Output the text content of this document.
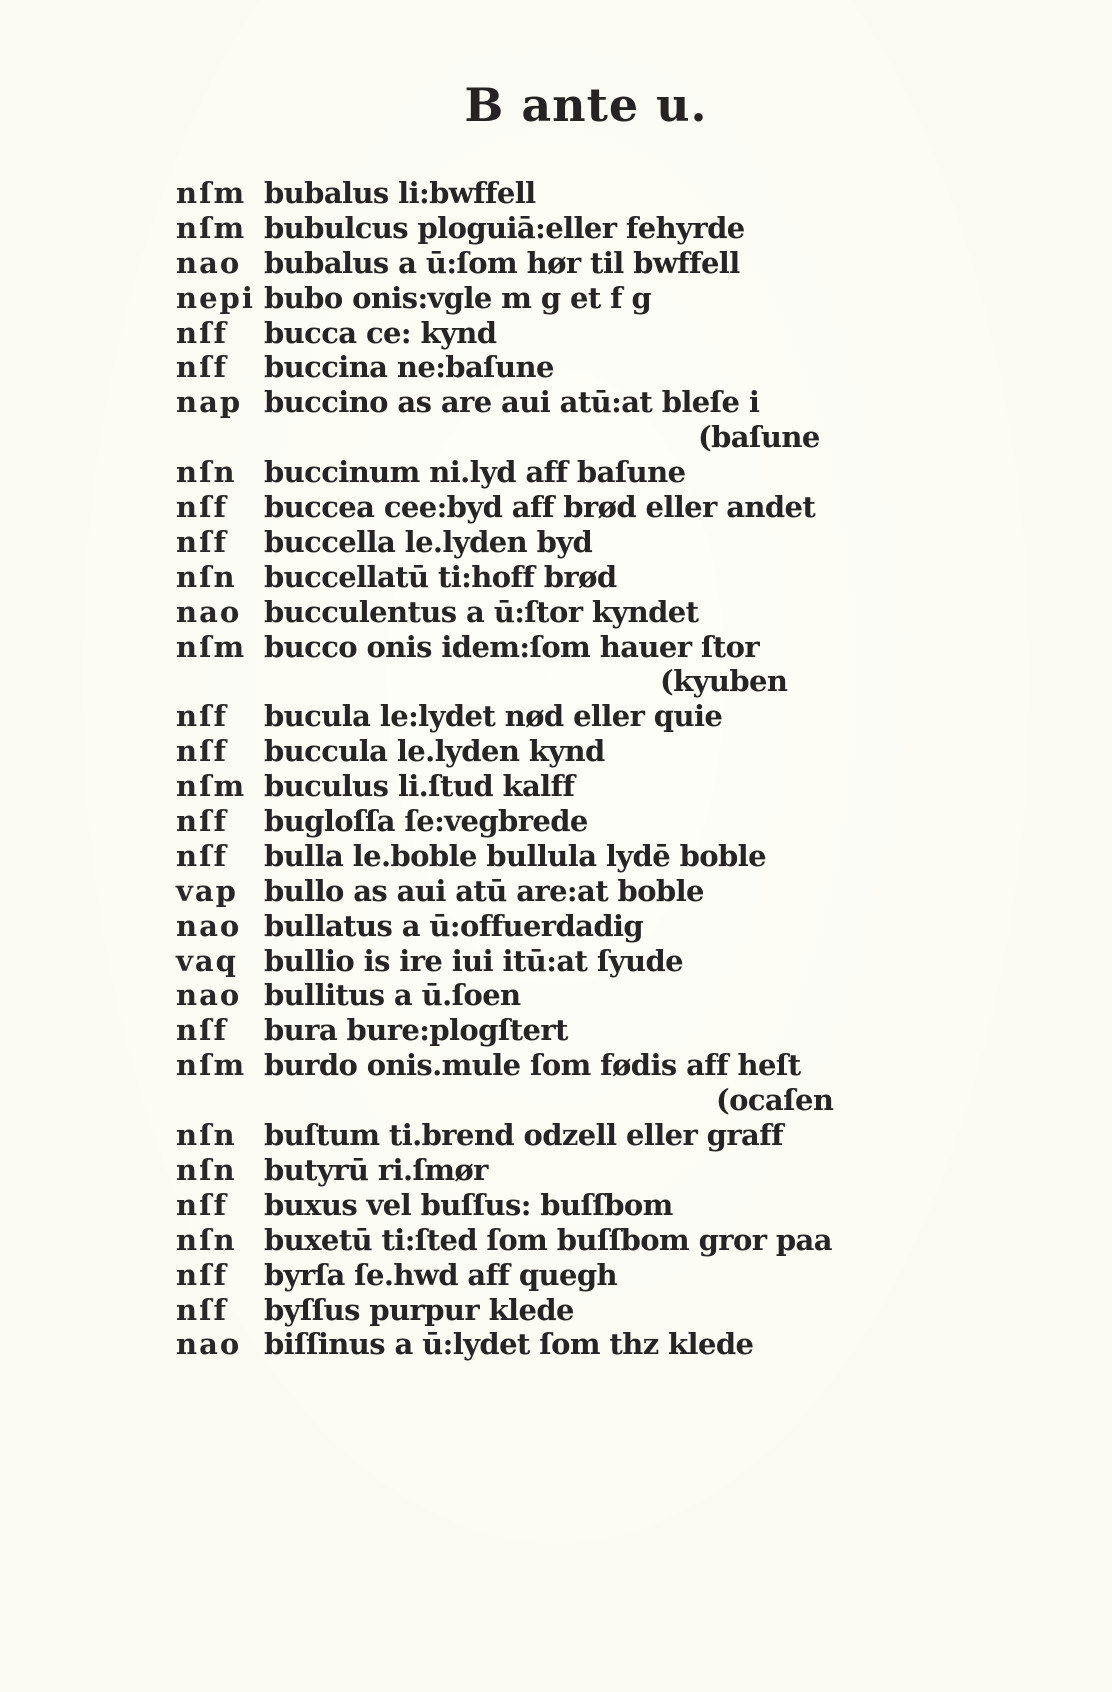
B ante u.
nſm bubalus li:bwffell
nſm bubulcus ploguiā:eller fehyrde
nao bubalus a ū:ſom hør til bwffell
nepi bubo onis:vgle m g et f g
nſf	bucca ce: kynd
nſf	buccina ne:baſune
nap buccino as are aui atū:at bleſe i
(baſune
nſn buccinum ni.lyd aff baſune
nſf	buccea cee:byd aff brød eller andet
nſf	buccella le.lyden byd
nſn buccellatū ti:hoff brød
nao bucculentus a ū:ſtor kyndet
nſm bucco onis idem:ſom hauer ſtor
(kyuben
nſf	bucula le:lydet nød eller quie
nſf	buccula le.lyden kynd
nſm buculus li.ſtud kalff
nſf	bugloſſa ſe:vegbrede
nſf	bulla le.boble bullula lydē boble
vap bullo as aui atū are:at boble
nao bullatus a ū:offuerdadig
vaq bullio is ire iui itū:at ſyude
nao bullitus a ū.ſoen
nſf	bura bure:plogſtert
nſm burdo onis.mule ſom fødis aff heſt
(ocaſen
nſn buſtum ti.brend odzell eller graff
nſn butyrū ri.ſmør
nſf	buxus vel buſſus: buſſbom
nſn buxetū ti:ſted ſom buſſbom gror paa
nſf	byrſa ſe.hwd aff quegh
nſf	byſſus purpur klede
nao biſſinus a ū:lydet ſom thz klede
